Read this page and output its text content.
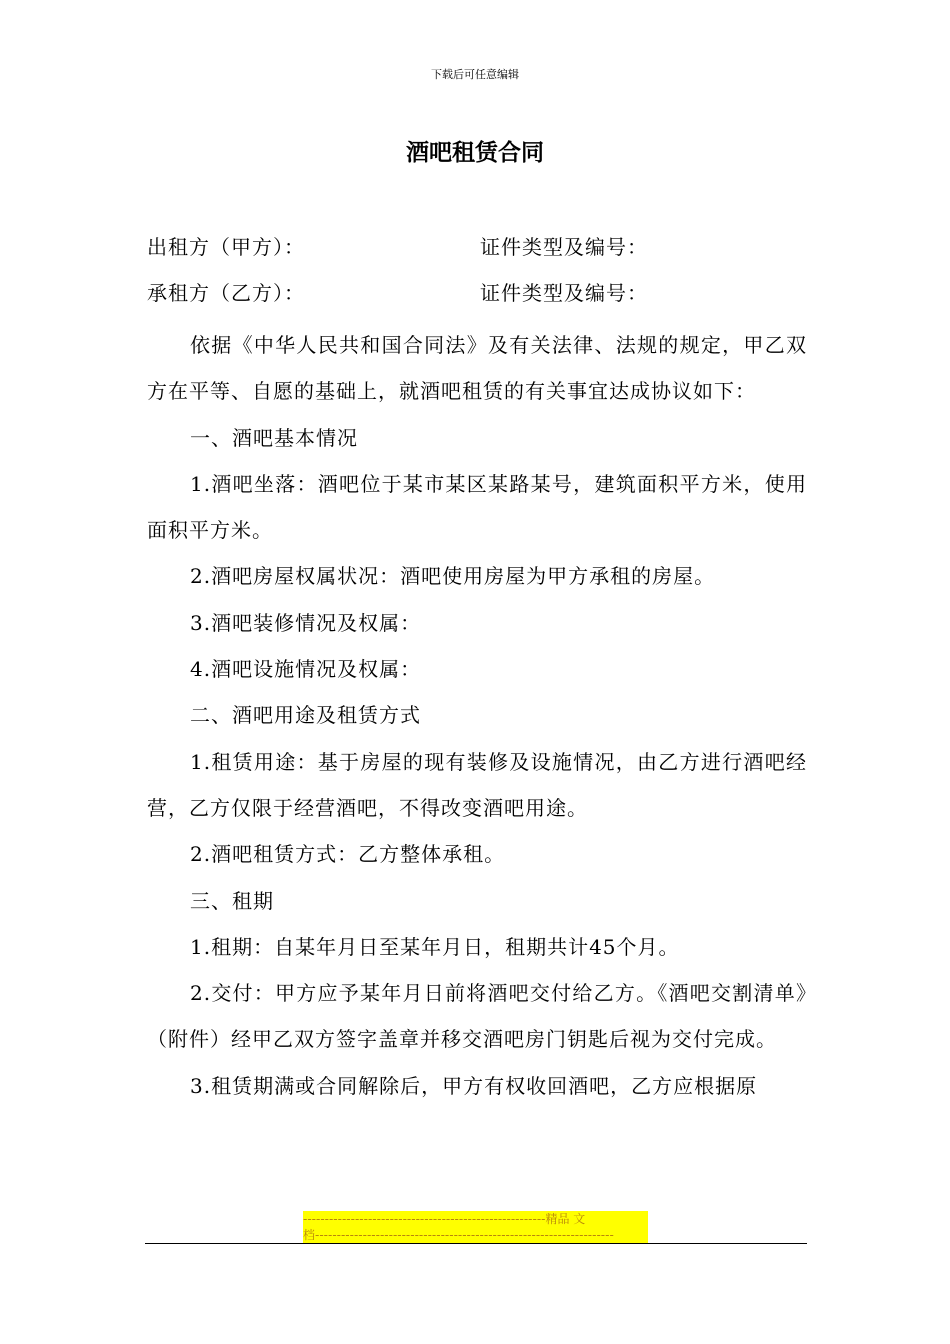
下载后可任意编辑
酒吧租赁合同
出租方（甲方）：	证件类型及编号：
承租方（乙方）：	证件类型及编号：

依据《中华人民共和国合同法》及有关法律、法规的规定，甲乙双方在平等、自愿的基础上，就酒吧租赁的有关事宜达成协议如下：

一、酒吧基本情况

1.酒吧坐落：酒吧位于某市某区某路某号，建筑面积平方米，使用面积平方米。

2.酒吧房屋权属状况：酒吧使用房屋为甲方承租的房屋。

3.酒吧装修情况及权属：

4.酒吧设施情况及权属：

二、酒吧用途及租赁方式

1.租赁用途：基于房屋的现有装修及设施情况，由乙方进行酒吧经营，乙方仅限于经营酒吧，不得改变酒吧用途。

2.酒吧租赁方式：乙方整体承租。

三、租期

1.租期：自某年月日至某年月日，租期共计45个月。

2.交付：甲方应予某年月日前将酒吧交付给乙方。《酒吧交割清单》（附件）经甲乙双方签字盖章并移交酒吧房门钥匙后视为交付完成。

3.租赁期满或合同解除后，甲方有权收回酒吧，乙方应根据原

--------------------------------------------------------精品 文
档---------------------------------------------------------------------
